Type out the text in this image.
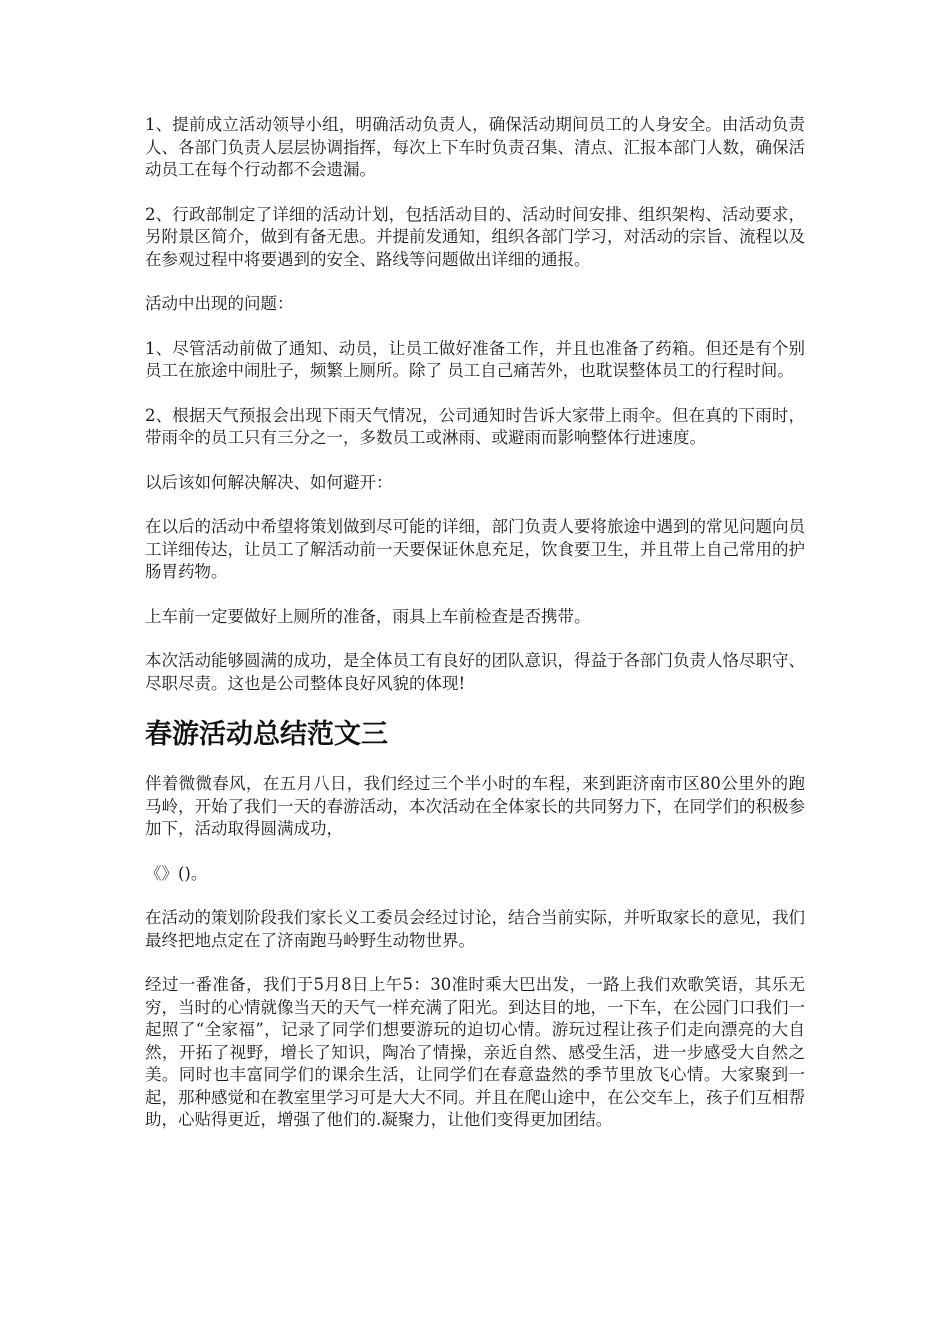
1、提前成立活动领导小组，明确活动负责人，确保活动期间员工的人身安全。由活动负责人、各部门负责人层层协调指挥，每次上下车时负责召集、清点、汇报本部门人数，确保活动员工在每个行动都不会遗漏。

2、行政部制定了详细的活动计划，包括活动目的、活动时间安排、组织架构、活动要求，另附景区简介，做到有备无患。并提前发通知，组织各部门学习，对活动的宗旨、流程以及在参观过程中将要遇到的安全、路线等问题做出详细的通报。

活动中出现的问题：

1、尽管活动前做了通知、动员，让员工做好准备工作，并且也准备了药箱。但还是有个别员工在旅途中闹肚子，频繁上厕所。除了 员工自己痛苦外，也耽误整体员工的行程时间。

2、根据天气预报会出现下雨天气情况，公司通知时告诉大家带上雨伞。但在真的下雨时，带雨伞的员工只有三分之一，多数员工或淋雨、或避雨而影响整体行进速度。

以后该如何解决解决、如何避开：

在以后的活动中希望将策划做到尽可能的详细，部门负责人要将旅途中遇到的常见问题向员工详细传达，让员工了解活动前一天要保证休息充足，饮食要卫生，并且带上自己常用的护肠胃药物。

上车前一定要做好上厕所的准备，雨具上车前检查是否携带。

本次活动能够圆满的成功，是全体员工有良好的团队意识，得益于各部门负责人恪尽职守、尽职尽责。这也是公司整体良好风貌的体现!

春游活动总结范文三

伴着微微春风，在五月八日，我们经过三个半小时的车程，来到距济南市区80公里外的跑马岭，开始了我们一天的春游活动，本次活动在全体家长的共同努力下，在同学们的积极参加下，活动取得圆满成功，

《》()。

在活动的策划阶段我们家长义工委员会经过讨论，结合当前实际，并听取家长的意见，我们最终把地点定在了济南跑马岭野生动物世界。

经过一番准备，我们于5月8日上午5：30准时乘大巴出发，一路上我们欢歌笑语，其乐无穷，当时的心情就像当天的天气一样充满了阳光。到达目的地，一下车，在公园门口我们一起照了“全家福”，记录了同学们想要游玩的迫切心情。游玩过程让孩子们走向漂亮的大自然，开拓了视野，增长了知识，陶冶了情操，亲近自然、感受生活，进一步感受大自然之美。同时也丰富同学们的课余生活，让同学们在春意盎然的季节里放飞心情。大家聚到一起，那种感觉和在教室里学习可是大大不同。并且在爬山途中，在公交车上，孩子们互相帮助，心贴得更近，增强了他们的.凝聚力，让他们变得更加团结。
